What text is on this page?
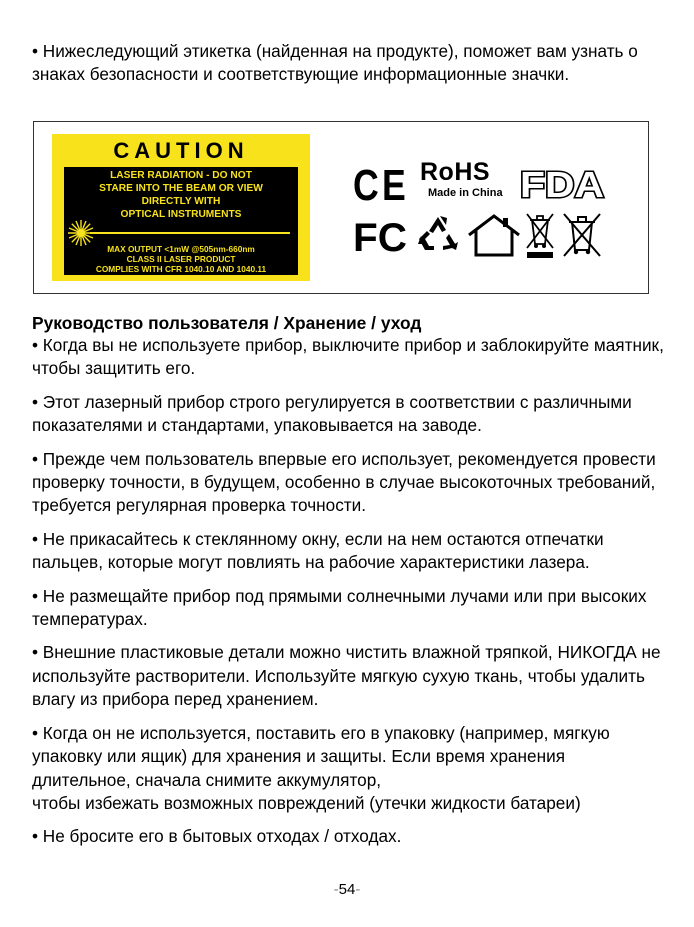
• Нижеследующий этикетка (найденная на продукте), поможет вам узнать о знаках безопасности и соответствующие информационные значки.

CAUTION
LASER RADIATION - DO NOT
STARE INTO THE BEAM OR VIEW
DIRECTLY WITH
OPTICAL INSTRUMENTS
MAX OUTPUT <1mW @505nm-660nm
CLASS II LASER PRODUCT
COMPLIES WITH CFR 1040.10 AND 1040.11
CE RoHS
Made in China FDA
FC
Руководство пользователя / Хранение / уход

• Когда вы не используете прибор, выключите прибор и заблокируйте маятник, чтобы защитить его.

• Этот лазерный прибор строго регулируется в соответствии с различными показателями и стандартами, упаковывается на заводе.

• Прежде чем пользователь впервые его использует, рекомендуется провести проверку точности, в будущем, особенно в случае высокоточных требований, требуется регулярная проверка точности.

• Не прикасайтесь к стеклянному окну, если на нем остаются отпечатки пальцев, которые могут повлиять на рабочие характеристики лазера.

• Не размещайте прибор под прямыми солнечными лучами или при высоких температурах.

• Внешние пластиковые детали можно чистить влажной тряпкой, НИКОГДА не используйте растворители. Используйте мягкую сухую ткань, чтобы удалить влагу из прибора перед хранением.

• Когда он не используется, поставить его в упаковку (например, мягкую упаковку или ящик) для хранения и защиты. Если время хранения длительное, сначала снимите аккумулятор,

чтобы избежать возможных повреждений (утечки жидкости батареи)

• Не бросите его в бытовых отходах / отходах.

-54-
